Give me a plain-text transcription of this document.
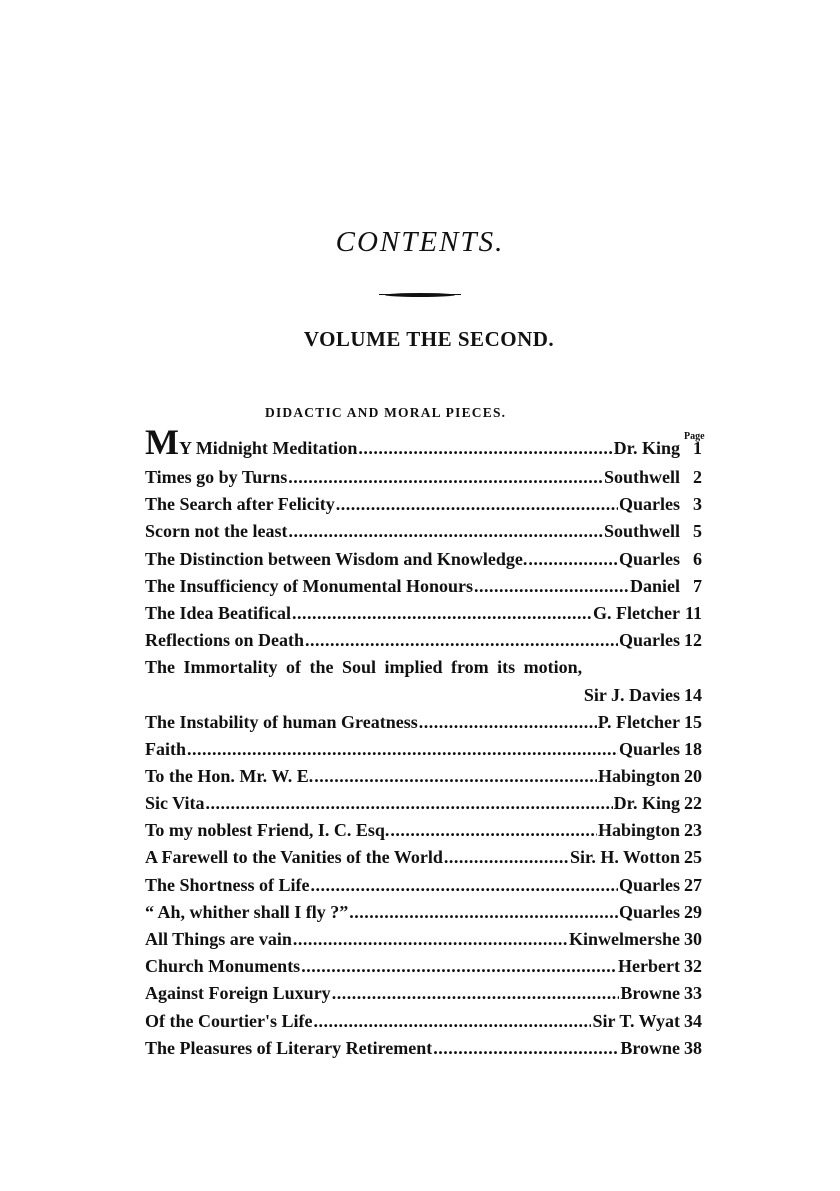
CONTENTS.
VOLUME THE SECOND.
DIDACTIC AND MORAL PIECES.
Page
MY Midnight Meditation .....	Dr. King 1
Times go by Turns .....	Southwell 2
The Search after Felicity .....	Quarles 3
Scorn not the least .....	Southwell 5
The Distinction between Wisdom and Knowledge. .....	Quarles 6
The Insufficiency of Monumental Honours .....	Daniel 7
The Idea Beatifical .....	G. Fletcher 11
Reflections on Death .....	Quarles 12
The Immortality of the Soul implied from its motion,
Sir J. Davies 14
The Instability of human Greatness .....	P. Fletcher 15
Faith .....	Quarles 18
To the Hon. Mr. W. E. .....	Habington 20
Sic Vita .....	Dr. King 22
To my noblest Friend, I. C. Esq. .....	Habington 23
A Farewell to the Vanities of the World .....	Sir. H. Wotton 25
The Shortness of Life .....	Quarles 27
“ Ah, whither shall I fly ?” .....	Quarles 29
All Things are vain .....	Kinwelmershe 30
Church Monuments .....	Herbert 32
Against Foreign Luxury .....	Browne 33
Of the Courtier's Life .....	Sir T. Wyat 34
The Pleasures of Literary Retirement .....	Browne 38
